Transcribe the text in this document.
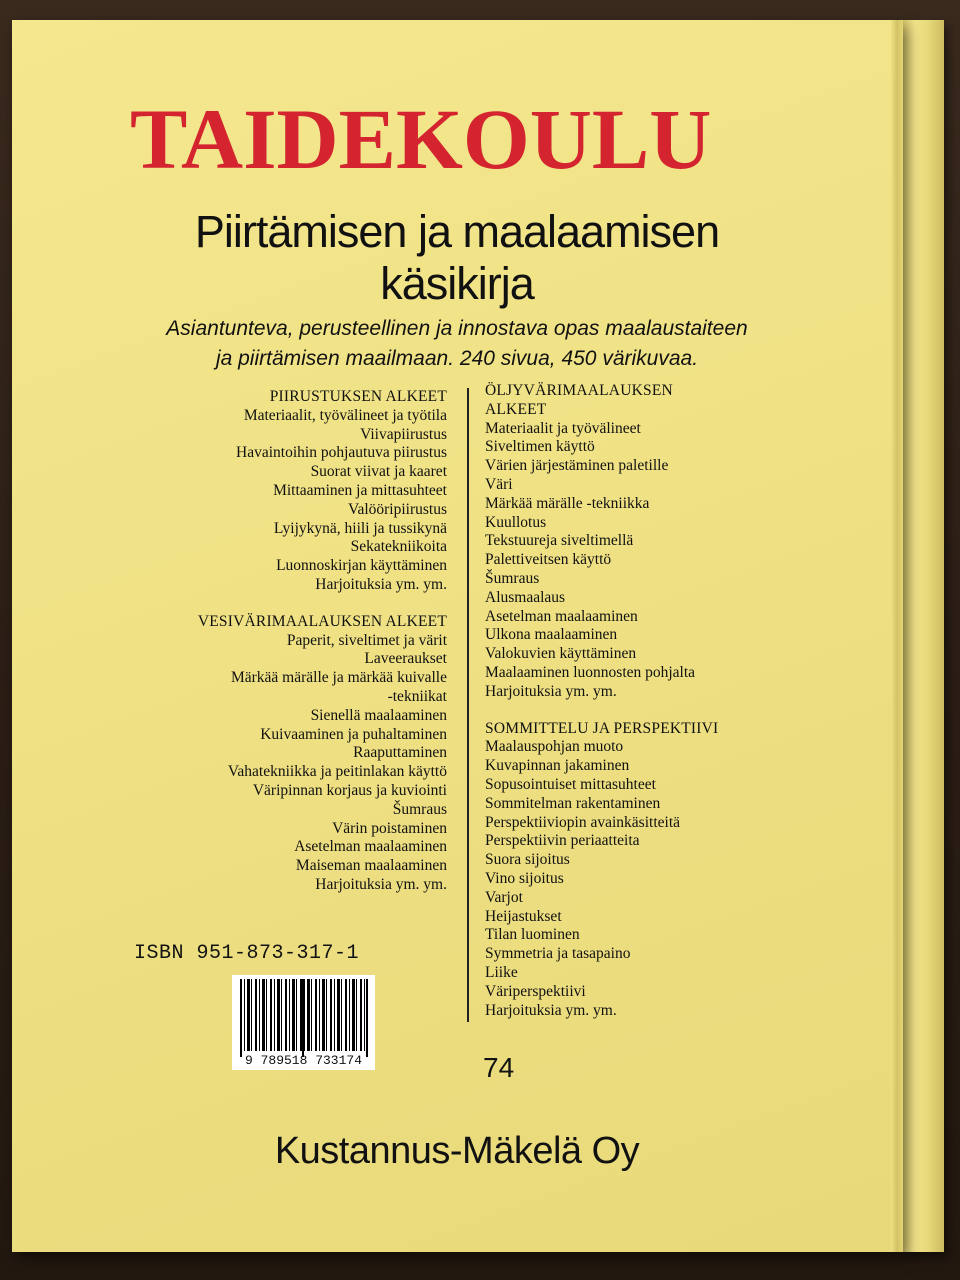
TAIDEKOULU
Piirtämisen ja maalaamisen
käsikirja
Asiantunteva, perusteellinen ja innostava opas maalaustaiteen
ja piirtämisen maailmaan. 240 sivua, 450 värikuvaa.
PIIRUSTUKSEN ALKEET
Materiaalit, työvälineet ja työtila
Viivapiirustus
Havaintoihin pohjautuva piirustus
Suorat viivat ja kaaret
Mittaaminen ja mittasuhteet
Valööripiirustus
Lyijykynä, hiili ja tussikynä
Sekatekniikoita
Luonnoskirjan käyttäminen
Harjoituksia ym. ym.
VESIVÄRIMAALAUKSEN ALKEET
Paperit, siveltimet ja värit
Laveeraukset
Märkää märälle ja märkää kuivalle
-tekniikat
Sienellä maalaaminen
Kuivaaminen ja puhaltaminen
Raaputtaminen
Vahatekniikka ja peitinlakan käyttö
Väripinnan korjaus ja kuviointi
Šumraus
Värin poistaminen
Asetelman maalaaminen
Maiseman maalaaminen
Harjoituksia ym. ym.
ÖLJYVÄRIMAALAUKSEN
ALKEET
Materiaalit ja työvälineet
Siveltimen käyttö
Värien järjestäminen paletille
Väri
Märkää märälle -tekniikka
Kuullotus
Tekstuureja siveltimellä
Palettiveitsen käyttö
Šumraus
Alusmaalaus
Asetelman maalaaminen
Ulkona maalaaminen
Valokuvien käyttäminen
Maalaaminen luonnosten pohjalta
Harjoituksia ym. ym.
SOMMITTELU JA PERSPEKTIIVI
Maalauspohjan muoto
Kuvapinnan jakaminen
Sopusointuiset mittasuhteet
Sommitelman rakentaminen
Perspektiiviopin avainkäsitteitä
Perspektiivin periaatteita
Suora sijoitus
Vino sijoitus
Varjot
Heijastukset
Tilan luominen
Symmetria ja tasapaino
Liike
Väriperspektiivi
Harjoituksia ym. ym.
ISBN 951-873-317-1
9 789518 733174	74
Kustannus-Mäkelä Oy
